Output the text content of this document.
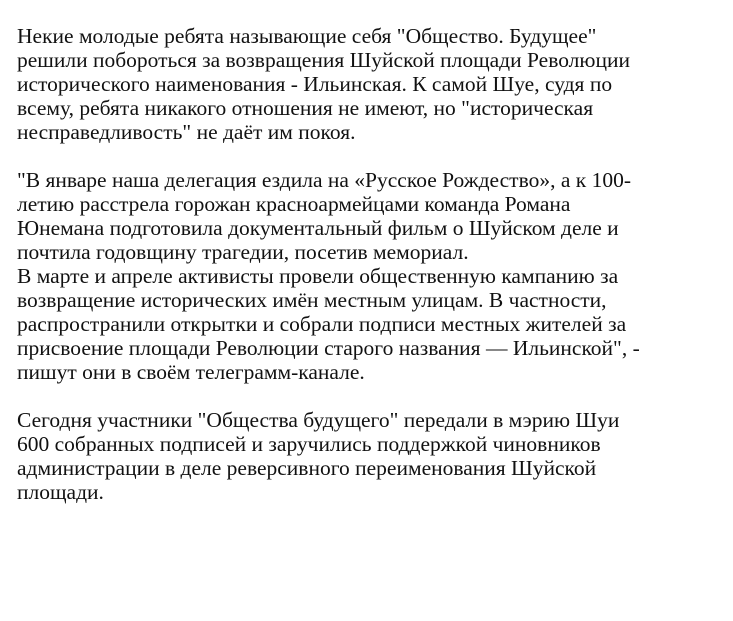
Некие молодые ребята называющие себя "Общество. Будущее"
решили побороться за возвращения Шуйской площади Революции
исторического наименования - Ильинская. К самой Шуе, судя по
всему, ребята никакого отношения не имеют, но "историческая
несправедливость" не даёт им покоя.
"В январе наша делегация ездила на «Русское Рождество», а к 100-
летию расстрела горожан красноармейцами команда Романа
Юнемана подготовила документальный фильм о Шуйском деле и
почтила годовщину трагедии, посетив мемориал.
В марте и апреле активисты провели общественную кампанию за
возвращение исторических имён местным улицам. В частности,
распространили открытки и собрали подписи местных жителей за
присвоение площади Революции старого названия — Ильинской", -
пишут они в своём телеграмм-канале.
Сегодня участники "Общества будущего" передали в мэрию Шуи
600 собранных подписей и заручились поддержкой чиновников
администрации в деле реверсивного переименования Шуйской
площади.
